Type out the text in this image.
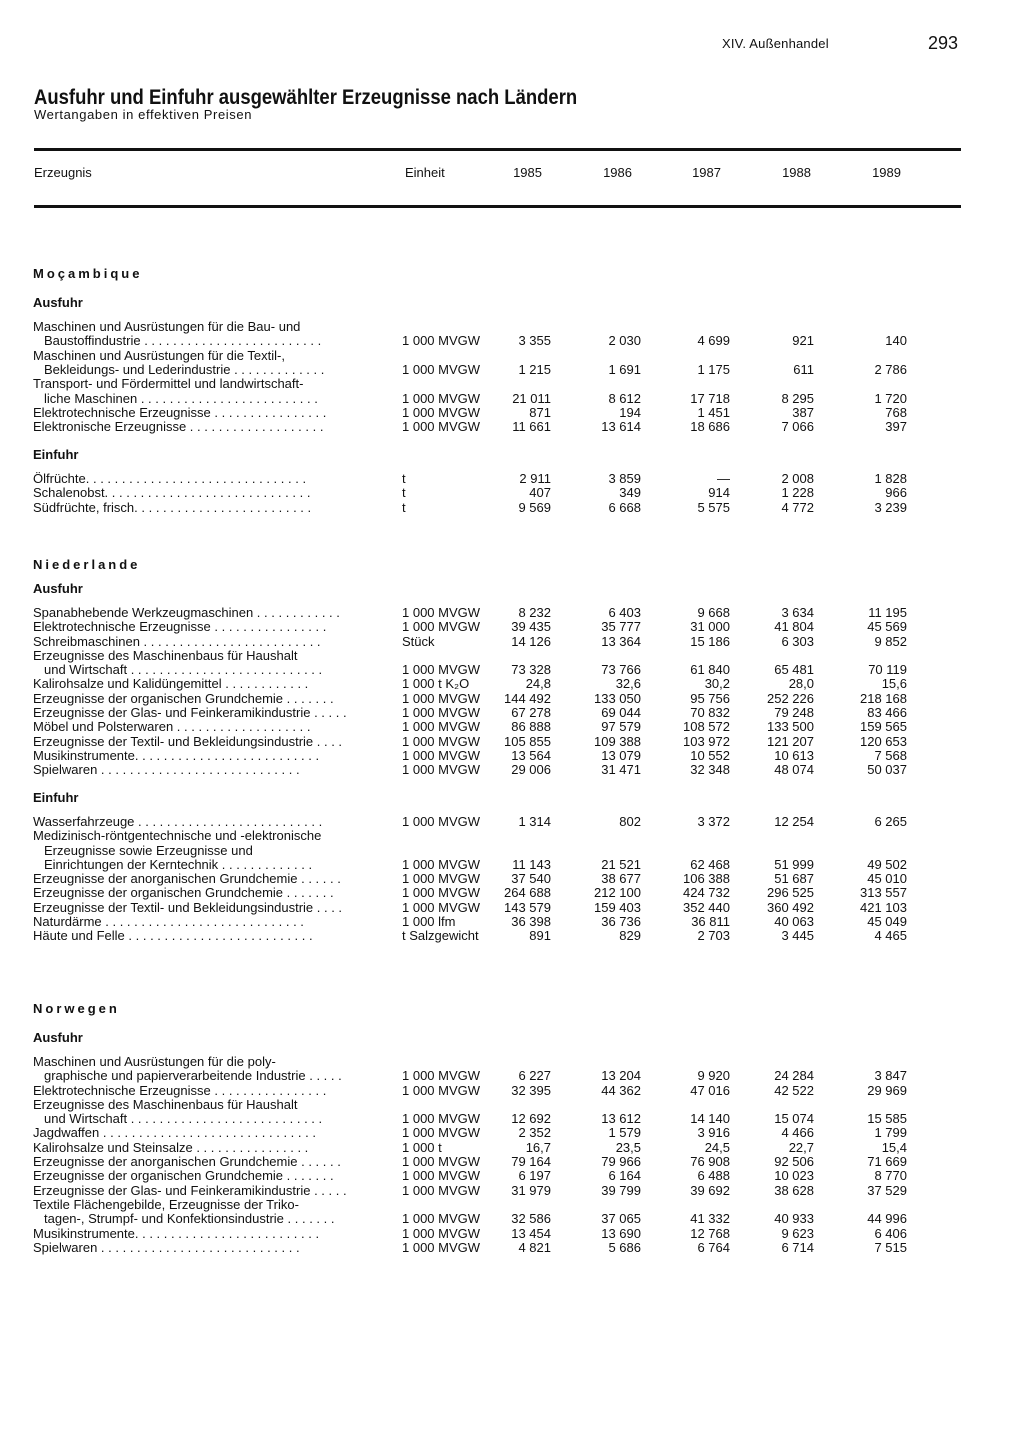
XIV. Außenhandel	293
Ausfuhr und Einfuhr ausgewählter Erzeugnisse nach Ländern
Wertangaben in effektiven Preisen
Erzeugnis	Einheit	1985	1986	1987	1988	1989
Moçambique
Ausfuhr
Maschinen und Ausrüstungen für die Bau- und
Baustoffindustrie . . . . . . . . . . . . . . . . . . . . . . . . .	1 000 MVGW	3 355	2 030	4 699	921	140
Maschinen und Ausrüstungen für die Textil-,
Bekleidungs- und Lederindustrie . . . . . . . . . . . . .	1 000 MVGW	1 215	1 691	1 175	611	2 786
Transport- und Fördermittel und landwirtschaft-
liche Maschinen . . . . . . . . . . . . . . . . . . . . . . . . .	1 000 MVGW	21 011	8 612	17 718	8 295	1 720
Elektrotechnische Erzeugnisse . . . . . . . . . . . . . . . .	1 000 MVGW	871	194	1 451	387	768
Elektronische Erzeugnisse . . . . . . . . . . . . . . . . . . .	1 000 MVGW	11 661	13 614	18 686	7 066	397
Einfuhr
Ölfrüchte. . . . . . . . . . . . . . . . . . . . . . . . . . . . . . .	t	2 911	3 859	—	2 008	1 828
Schalenobst. . . . . . . . . . . . . . . . . . . . . . . . . . . . .	t	407	349	914	1 228	966
Südfrüchte, frisch. . . . . . . . . . . . . . . . . . . . . . . . .	t	9 569	6 668	5 575	4 772	3 239
Niederlande
Ausfuhr
Spanabhebende Werkzeugmaschinen . . . . . . . . . . . .	1 000 MVGW	8 232	6 403	9 668	3 634	11 195
Elektrotechnische Erzeugnisse . . . . . . . . . . . . . . . .	1 000 MVGW	39 435	35 777	31 000	41 804	45 569
Schreibmaschinen . . . . . . . . . . . . . . . . . . . . . . . . .	Stück	14 126	13 364	15 186	6 303	9 852
Erzeugnisse des Maschinenbaus für Haushalt
und Wirtschaft . . . . . . . . . . . . . . . . . . . . . . . . . . .	1 000 MVGW	73 328	73 766	61 840	65 481	70 119
Kalirohsalze und Kalidüngemittel . . . . . . . . . . . .	1 000 t K₂O	24,8	32,6	30,2	28,0	15,6
Erzeugnisse der organischen Grundchemie . . . . . . .	1 000 MVGW	144 492	133 050	95 756	252 226	218 168
Erzeugnisse der Glas- und Feinkeramikindustrie . . . . .	1 000 MVGW	67 278	69 044	70 832	79 248	83 466
Möbel und Polsterwaren . . . . . . . . . . . . . . . . . . .	1 000 MVGW	86 888	97 579	108 572	133 500	159 565
Erzeugnisse der Textil- und Bekleidungsindustrie . . . .	1 000 MVGW	105 855	109 388	103 972	121 207	120 653
Musikinstrumente. . . . . . . . . . . . . . . . . . . . . . . . . .	1 000 MVGW	13 564	13 079	10 552	10 613	7 568
Spielwaren . . . . . . . . . . . . . . . . . . . . . . . . . . . .	1 000 MVGW	29 006	31 471	32 348	48 074	50 037
Einfuhr
Wasserfahrzeuge . . . . . . . . . . . . . . . . . . . . . . . . . .	1 000 MVGW	1 314	802	3 372	12 254	6 265
Medizinisch-röntgentechnische und -elektronische
Erzeugnisse sowie Erzeugnisse und
Einrichtungen der Kerntechnik . . . . . . . . . . . . .	1 000 MVGW	11 143	21 521	62 468	51 999	49 502
Erzeugnisse der anorganischen Grundchemie . . . . . .	1 000 MVGW	37 540	38 677	106 388	51 687	45 010
Erzeugnisse der organischen Grundchemie . . . . . . .	1 000 MVGW	264 688	212 100	424 732	296 525	313 557
Erzeugnisse der Textil- und Bekleidungsindustrie . . . .	1 000 MVGW	143 579	159 403	352 440	360 492	421 103
Naturdärme . . . . . . . . . . . . . . . . . . . . . . . . . . . .	1 000 lfm	36 398	36 736	36 811	40 063	45 049
Häute und Felle . . . . . . . . . . . . . . . . . . . . . . . . . .	t Salzgewicht	891	829	2 703	3 445	4 465
Norwegen
Ausfuhr
Maschinen und Ausrüstungen für die poly-
graphische und papierverarbeitende Industrie . . . . .	1 000 MVGW	6 227	13 204	9 920	24 284	3 847
Elektrotechnische Erzeugnisse . . . . . . . . . . . . . . . .	1 000 MVGW	32 395	44 362	47 016	42 522	29 969
Erzeugnisse des Maschinenbaus für Haushalt
und Wirtschaft . . . . . . . . . . . . . . . . . . . . . . . . . . .	1 000 MVGW	12 692	13 612	14 140	15 074	15 585
Jagdwaffen . . . . . . . . . . . . . . . . . . . . . . . . . . . . . .	1 000 MVGW	2 352	1 579	3 916	4 466	1 799
Kalirohsalze und Steinsalze . . . . . . . . . . . . . . . .	1 000 t	16,7	23,5	24,5	22,7	15,4
Erzeugnisse der anorganischen Grundchemie . . . . . .	1 000 MVGW	79 164	79 966	76 908	92 506	71 669
Erzeugnisse der organischen Grundchemie . . . . . . .	1 000 MVGW	6 197	6 164	6 488	10 023	8 770
Erzeugnisse der Glas- und Feinkeramikindustrie . . . . .	1 000 MVGW	31 979	39 799	39 692	38 628	37 529
Textile Flächengebilde, Erzeugnisse der Triko-
tagen-, Strumpf- und Konfektionsindustrie . . . . . . .	1 000 MVGW	32 586	37 065	41 332	40 933	44 996
Musikinstrumente. . . . . . . . . . . . . . . . . . . . . . . . . .	1 000 MVGW	13 454	13 690	12 768	9 623	6 406
Spielwaren . . . . . . . . . . . . . . . . . . . . . . . . . . . .	1 000 MVGW	4 821	5 686	6 764	6 714	7 515
